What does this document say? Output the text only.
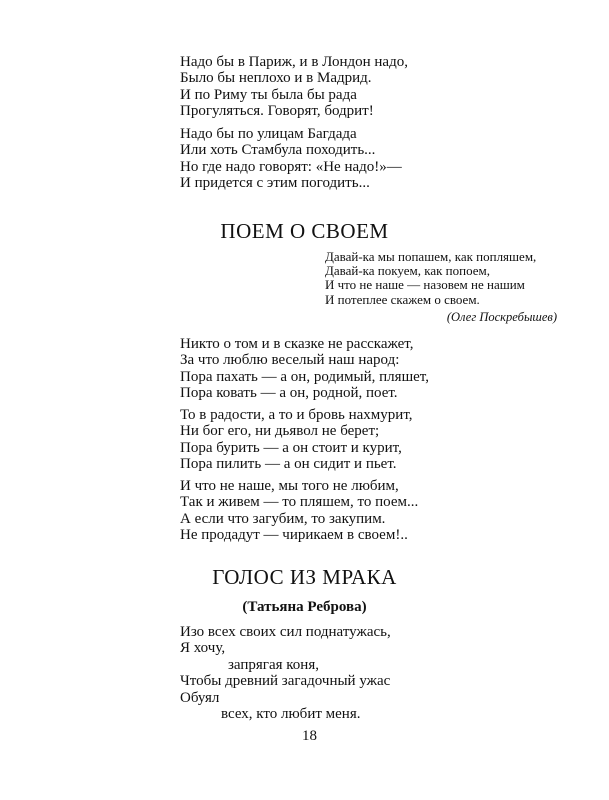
Надо бы в Париж, и в Лондон надо,
Было бы неплохо и в Мадрид.
И по Риму ты была бы рада
Прогуляться. Говорят, бодрит!
Надо бы по улицам Багдада
Или хоть Стамбула походить...
Но где надо говорят: «Не надо!»—
И придется с этим погодить...
ПОЕМ О СВОЕМ
Давай-ка мы попашем, как попляшем,
Давай-ка покуем, как попоем,
И что не наше — назовем не нашим
И потеплее скажем о своем.
(Олег Поскребышев)
Никто о том и в сказке не расскажет,
За что люблю веселый наш народ:
Пора пахать — а он, родимый, пляшет,
Пора ковать — а он, родной, поет.
То в радости, а то и бровь нахмурит,
Ни бог его, ни дьявол не берет;
Пора бурить — а он стоит и курит,
Пора пилить — а он сидит и пьет.
И что не наше, мы того не любим,
Так и живем — то пляшем, то поем...
А если что загубим, то закупим.
Не продадут — чирикаем в своем!..
ГОЛОС ИЗ МРАКА
(Татьяна Реброва)
Изо всех своих сил поднатужась,
Я хочу,
запрягая коня,
Чтобы древний загадочный ужас
Обуял
всех, кто любит меня.
18
